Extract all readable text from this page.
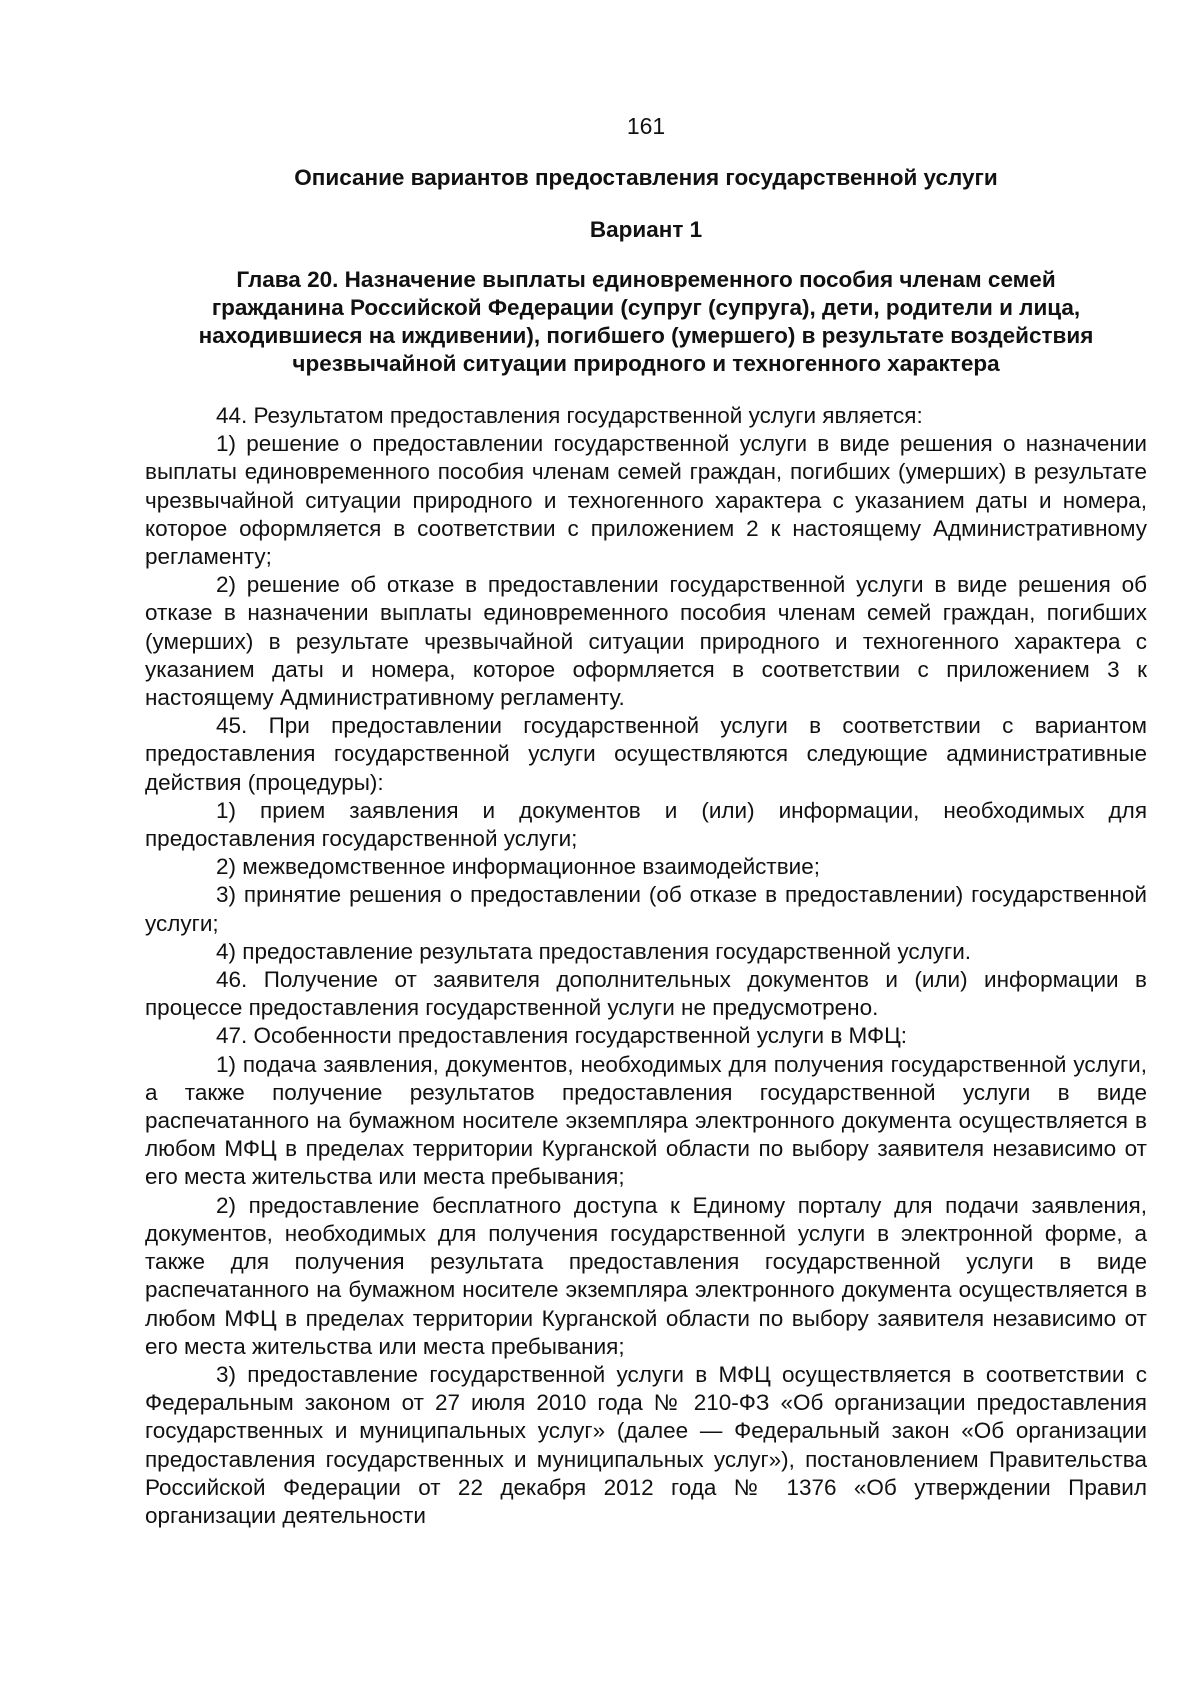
161
Описание вариантов предоставления государственной услуги
Вариант 1
Глава 20. Назначение выплаты единовременного пособия членам семей
гражданина Российской Федерации (супруг (супруга), дети, родители и лица,
находившиеся на иждивении), погибшего (умершего) в результате воздействия
чрезвычайной ситуации природного и техногенного характера

44. Результатом предоставления государственной услуги является:

1) решение о предоставлении государственной услуги в виде решения о назначении выплаты единовременного пособия членам семей граждан, погибших (умерших) в результате чрезвычайной ситуации природного и техногенного характера с указанием даты и номера, которое оформляется в соответствии с приложением 2 к настоящему Административному регламенту;

2) решение об отказе в предоставлении государственной услуги в виде решения об отказе в назначении выплаты единовременного пособия членам семей граждан, погибших (умерших) в результате чрезвычайной ситуации природного и техногенного характера с указанием даты и номера, которое оформляется в соответствии с приложением 3 к настоящему Административному регламенту.

45. При предоставлении государственной услуги в соответствии с вариантом предоставления государственной услуги осуществляются следующие административные действия (процедуры):

1) прием заявления и документов и (или) информации, необходимых для предоставления государственной услуги;

2) межведомственное информационное взаимодействие;

3) принятие решения о предоставлении (об отказе в предоставлении) государственной услуги;

4) предоставление результата предоставления государственной услуги.

46. Получение от заявителя дополнительных документов и (или) информации в процессе предоставления государственной услуги не предусмотрено.

47. Особенности предоставления государственной услуги в МФЦ:

1) подача заявления, документов, необходимых для получения государственной услуги, а также получение результатов предоставления государственной услуги в виде распечатанного на бумажном носителе экземпляра электронного документа осуществляется в любом МФЦ в пределах территории Курганской области по выбору заявителя независимо от его места жительства или места пребывания;

2) предоставление бесплатного доступа к Единому порталу для подачи заявления, документов, необходимых для получения государственной услуги в электронной форме, а также для получения результата предоставления государственной услуги в виде распечатанного на бумажном носителе экземпляра электронного документа осуществляется в любом МФЦ в пределах территории Курганской области по выбору заявителя независимо от его места жительства или места пребывания;

3) предоставление государственной услуги в МФЦ осуществляется в соответствии с Федеральным законом от 27 июля 2010 года № 210-ФЗ «Об организации предоставления государственных и муниципальных услуг» (далее — Федеральный закон «Об организации предоставления государственных и муниципальных услуг»), постановлением Правительства Российской Федерации от 22 декабря 2012 года № 1376 «Об утверждении Правил организации деятельности
